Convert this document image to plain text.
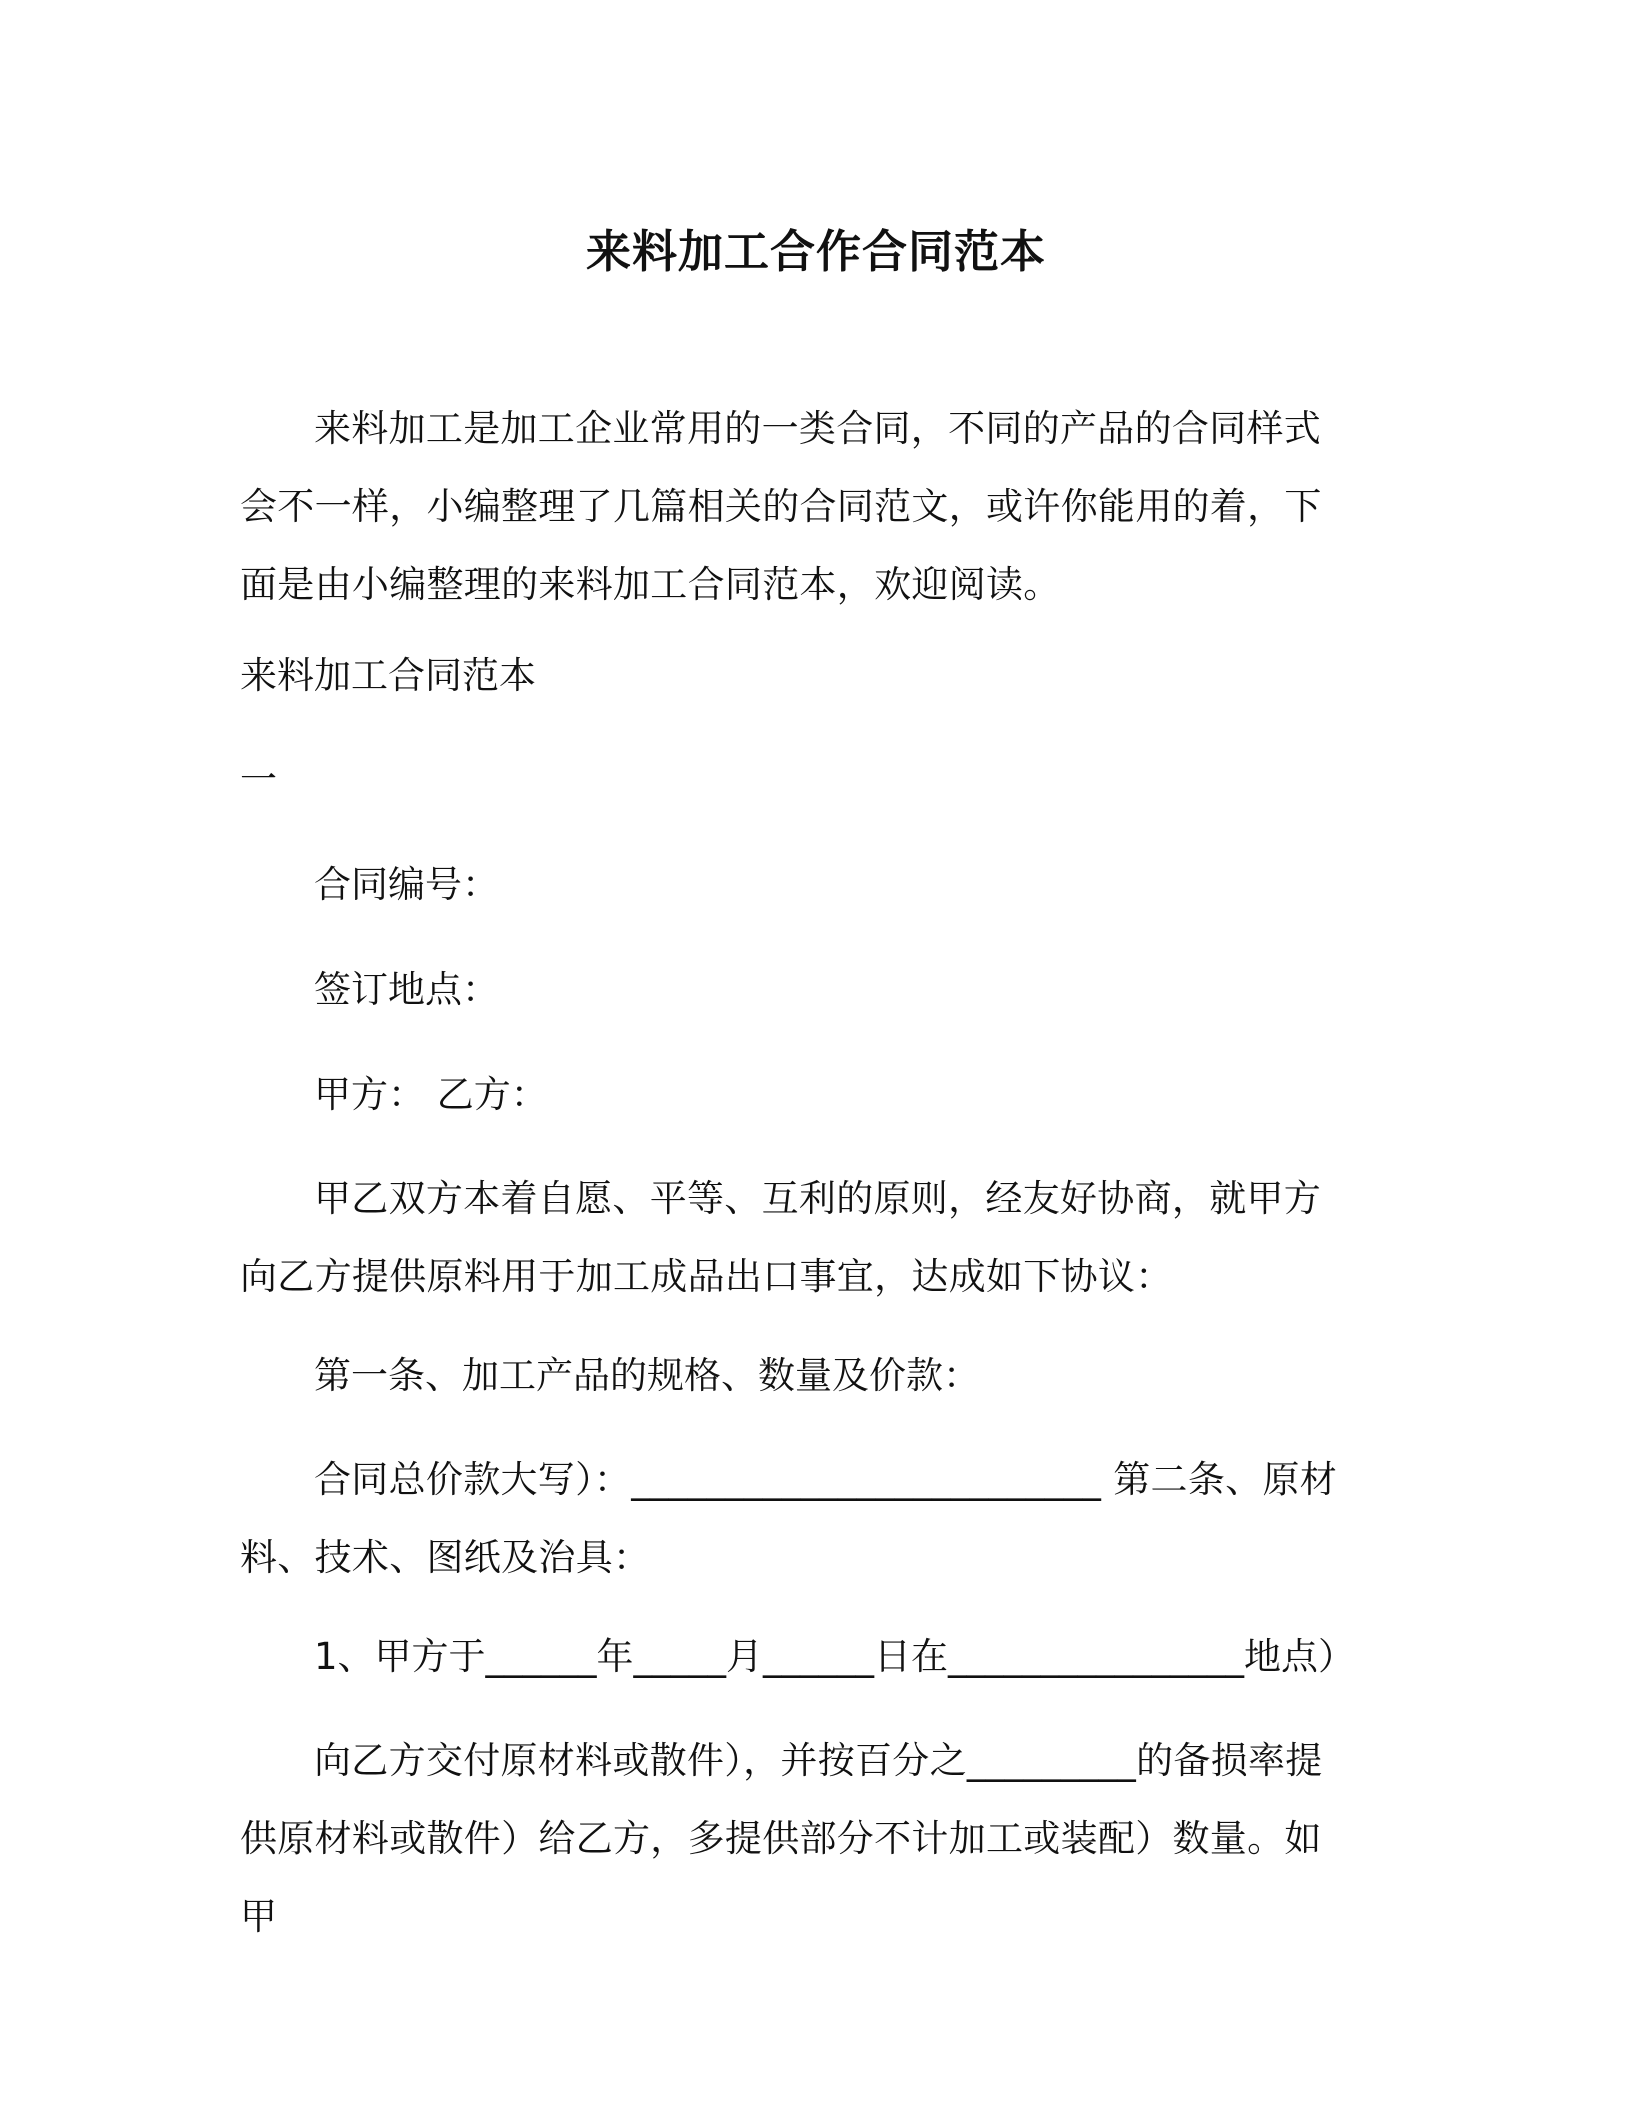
来料加工合作合同范本

来料加工是加工企业常用的一类合同，不同的产品的合同样式会不一样，小编整理了几篇相关的合同范文，或许你能用的着，下面是由小编整理的来料加工合同范本，欢迎阅读。

来料加工合同范本
一
合同编号：
签订地点：
甲方： 乙方：

甲乙双方本着自愿、平等、互利的原则，经友好协商，就甲方向乙方提供原料用于加工成品出口事宜，达成如下协议：

第一条、加工产品的规格、数量及价款：

合同总价款大写）：_________________________ 第二条、原材料、技术、图纸及治具：

1、甲方于______年_____月______日在________________地点）

向乙方交付原材料或散件），并按百分之_________的备损率提供原材料或散件）给乙方，多提供部分不计加工或装配）数量。如甲
